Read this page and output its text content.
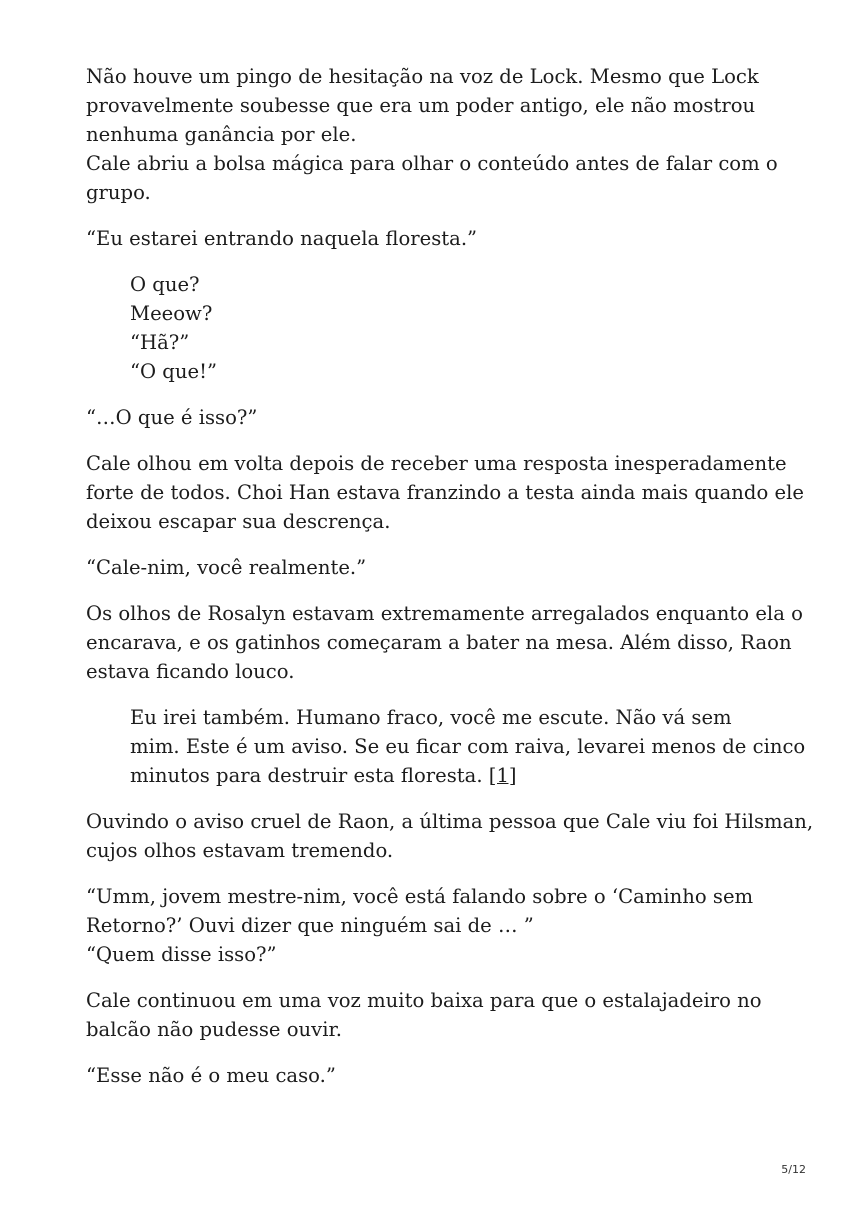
Não houve um pingo de hesitação na voz de Lock. Mesmo que Lock
provavelmente soubesse que era um poder antigo, ele não mostrou
nenhuma ganância por ele.
Cale abriu a bolsa mágica para olhar o conteúdo antes de falar com o
grupo.
“Eu estarei entrando naquela floresta.”
O que?
Meeow?
“Hã?”
“O que!”
“…O que é isso?”
Cale olhou em volta depois de receber uma resposta inesperadamente
forte de todos. Choi Han estava franzindo a testa ainda mais quando ele
deixou escapar sua descrença.
“Cale-nim, você realmente.”
Os olhos de Rosalyn estavam extremamente arregalados enquanto ela o
encarava, e os gatinhos começaram a bater na mesa. Além disso, Raon
estava ficando louco.
Eu irei também. Humano fraco, você me escute. Não vá sem
mim. Este é um aviso. Se eu ficar com raiva, levarei menos de cinco
minutos para destruir esta floresta. [1]
Ouvindo o aviso cruel de Raon, a última pessoa que Cale viu foi Hilsman,
cujos olhos estavam tremendo.
“Umm, jovem mestre-nim, você está falando sobre o ‘Caminho sem
Retorno?’ Ouvi dizer que ninguém sai de … ”
“Quem disse isso?”
Cale continuou em uma voz muito baixa para que o estalajadeiro no
balcão não pudesse ouvir.
“Esse não é o meu caso.”
5/12
